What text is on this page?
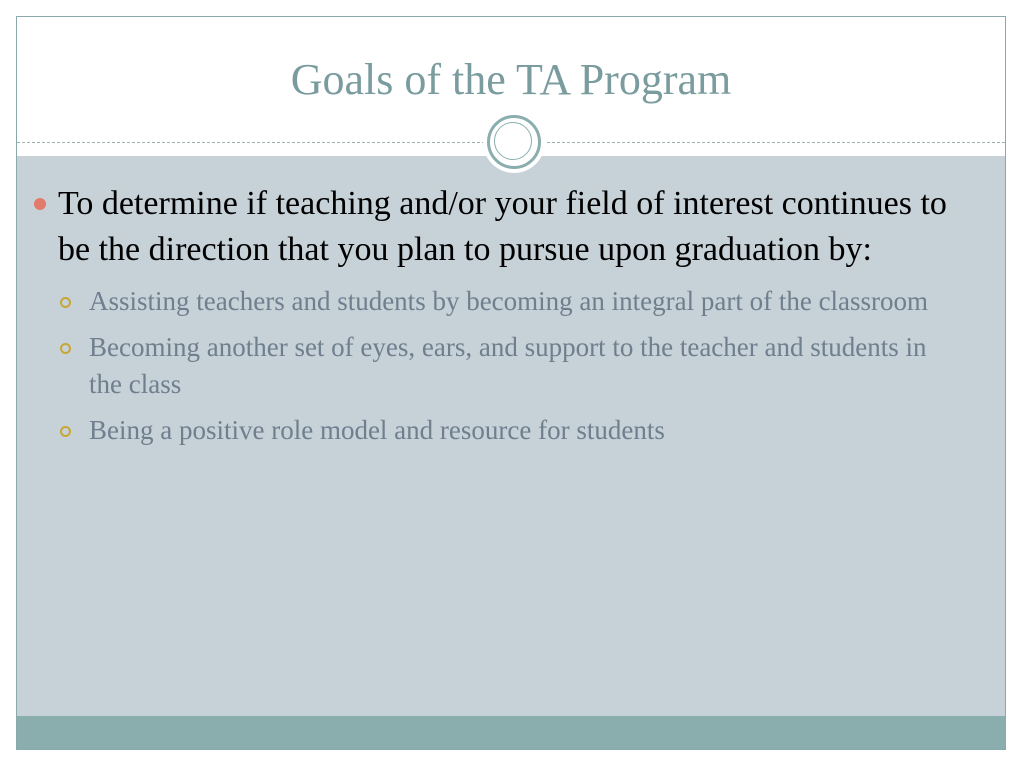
Goals of the TA Program
To determine if teaching and/or your field of interest continues to be the direction that you plan to pursue upon graduation by:
Assisting teachers and students by becoming an integral part of the classroom
Becoming another set of eyes, ears, and support to the teacher and students in the class
Being a positive role model and resource for students
